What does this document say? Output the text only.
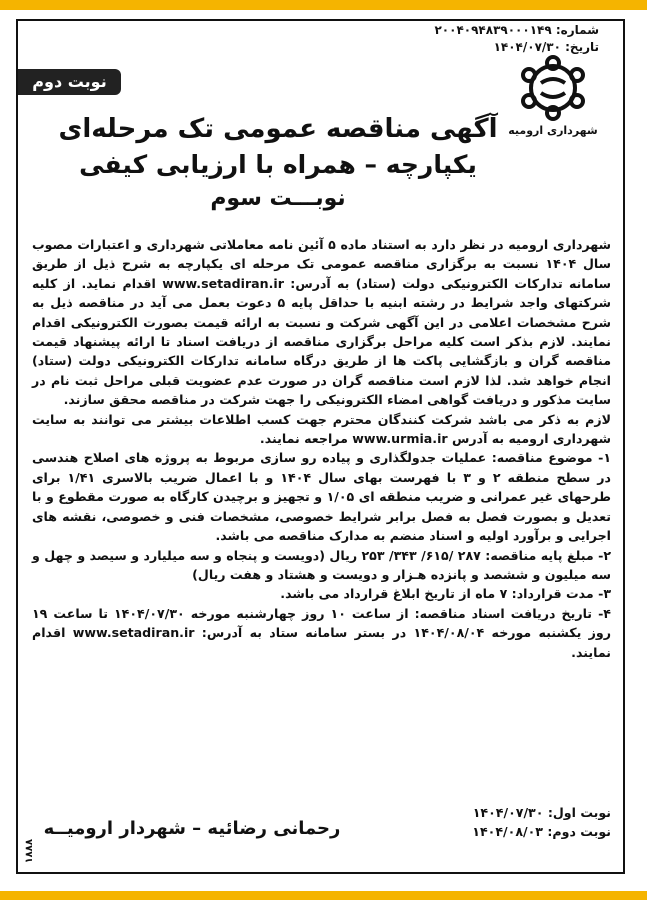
شماره: ۲۰۰۴۰۹۴۸۳۹۰۰۰۱۴۹
تاریخ: ۱۴۰۴/۰۷/۳۰
نوبت دوم
شهرداری ارومیه
آگهی مناقصه عمومی تک مرحله‌ای
یکپارچه – همراه با ارزیابی کیفی
نوبـــت سوم

شهرداری ارومیه در نظر دارد به استناد ماده ۵ آئین نامه معاملاتی شهرداری و اعتبارات مصوب سال ۱۴۰۴ نسبت به برگزاری مناقصه عمومی تک مرحله ای یکپارچه به شرح ذیل از طریق سامانه تدارکات الکترونیکی دولت (ستاد) به آدرس: www.setadiran.ir اقدام نماید. از کلیه شرکتهای واجد شرایط در رشته ابنیه با حداقل پایه ۵ دعوت بعمل می آید در مناقصه ذیل به شرح مشخصات اعلامی در این آگهی شرکت و نسبت به ارائه قیمت بصورت الکترونیکی اقدام نمایند. لازم بذکر است کلیه مراحل برگزاری مناقصه از دریافت اسناد تا ارائه پیشنهاد قیمت مناقصه گران و بازگشایی پاکت ها از طریق درگاه سامانه تدارکات الکترونیکی دولت (ستاد) انجام خواهد شد. لذا لازم است مناقصه گران در صورت عدم عضویت قبلی مراحل ثبت نام در سایت مذکور و دریافت گواهی امضاء الکترونیکی را جهت شرکت در مناقصه محقق سازند.

لازم به ذکر می باشد شرکت کنندگان محترم جهت کسب اطلاعات بیشتر می توانند به سایت شهرداری ارومیه به آدرس www.urmia.ir مراجعه نمایند.

۱- موضوع مناقصه: عملیات جدولگذاری و پیاده رو سازی مربوط به پروژه های اصلاح هندسی در سطح منطقه ۲ و ۳ با فهرست بهای سال ۱۴۰۴ و با اعمال ضریب بالاسری ۱/۴۱ برای طرحهای غیر عمرانی و ضریب منطقه ای ۱/۰۵ و تجهیز و برچیدن کارگاه به صورت مقطوع و با تعدیل و بصورت فصل به فصل برابر شرایط خصوصی، مشخصات فنی و خصوصی، نقشه های اجرایی و برآورد اولیه و اسناد منضم به مدارک مناقصه می باشد.

۲- مبلغ پایه مناقصه: ۲۸۷ /۶۱۵/ ۳۴۳/ ۲۵۳ ریال (دویست و پنجاه و سه میلیارد و سیصد و چهل و سه میلیون و ششصد و پانزده هـزار و دویست و هشتاد و هفت ریال)

۳- مدت قرارداد: ۷ ماه از تاریخ ابلاغ قرارداد می باشد.

۴- تاریخ دریافت اسناد مناقصه: از ساعت ۱۰ روز چهارشنبه مورخه ۱۴۰۴/۰۷/۳۰ تا ساعت ۱۹ روز یکشنبه مورخه ۱۴۰۴/۰۸/۰۴ در بستر سامانه ستاد به آدرس: www.setadiran.ir اقدام نمایند.

نوبت اول: ۱۴۰۴/۰۷/۳۰
نوبت دوم: ۱۴۰۴/۰۸/۰۳
رحمانی رضائیه – شهردار ارومیــه
۱۸۸۸
